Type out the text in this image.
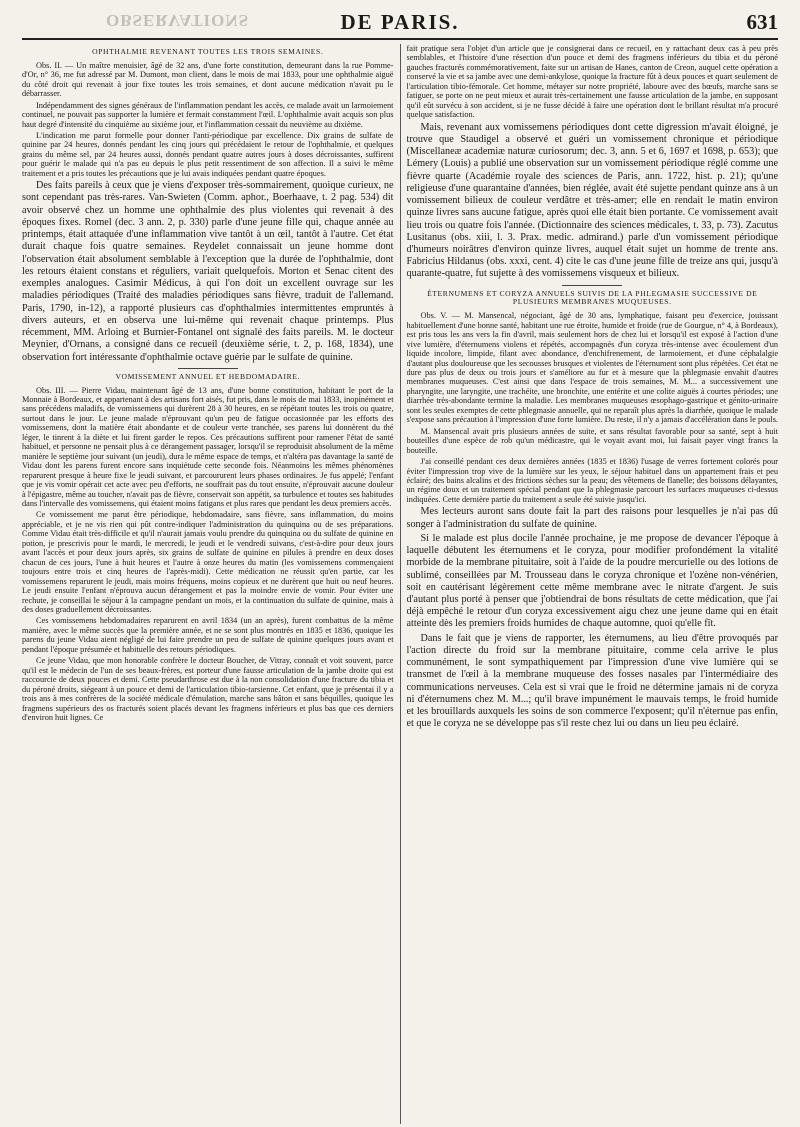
OBSERVATIONS	DE PARIS.	631
OPHTHALMIE REVENANT TOUTES LES TROIS SEMAINES.

Obs. II. — Un maître menuisier, âgé de 32 ans, d'une forte constitution, demeurant dans la rue Pomme-d'Or, n° 36, me fut adressé par M. Dumont, mon client, dans le mois de mai 1833, pour une ophthalmie aiguë du côté droit qui revenait à jour fixe toutes les trois semaines, et dont aucune médication n'avait pu le débarrasser.

Indépendamment des signes généraux de l'inflammation pendant les accès, ce malade avait un larmoiement continuel, ne pouvait pas supporter la lumière et fermait constamment l'œil. L'ophthalmie avait acquis son plus haut degré d'intensité du cinquième au sixième jour, et l'inflammation cessait du neuvième au dixième.

L'indication me parut formelle pour donner l'anti-périodique par excellence. Dix grains de sulfate de quinine par 24 heures, donnés pendant les cinq jours qui précédaient le retour de l'ophthalmie, et quelques grains du même sel, par 24 heures aussi, donnés pendant quatre autres jours à doses décroissantes, suffirent pour guérir le malade qui n'a pas eu depuis le plus petit ressentiment de son affection. Il a suivi le même traitement et a pris toutes les précautions que je lui avais indiquées pendant quatre époques.

Des faits pareils à ceux que je viens d'exposer très-sommairement, quoique curieux, ne sont cependant pas très-rares. Van-Swieten (Comm. aphor., Boerhaave, t. 2 pag. 534) dit avoir observé chez un homme une ophthalmie des plus violentes qui revenait à des époques fixes. Romel (dec. 3 ann. 2, p. 330) parle d'une jeune fille qui, chaque année au printemps, était attaquée d'une inflammation vive tantôt à un œil, tantôt à l'autre. Cet état durait chaque fois quatre semaines. Reydelet connaissait un jeune homme dont l'observation était absolument semblable à l'exception que la durée de l'ophthalmie, dont les retours étaient constans et réguliers, variait quelquefois. Morton et Senac citent des exemples analogues. Casimir Médicus, à qui l'on doit un excellent ouvrage sur les maladies périodiques (Traité des maladies périodiques sans fièvre, traduit de l'allemand. Paris, 1790, in-12), a rapporté plusieurs cas d'ophthalmies intermittentes empruntés à divers auteurs, et en observa une lui-même qui revenait chaque printemps. Plus récemment, MM. Arloing et Burnier-Fontanel ont signalé des faits pareils. M. le docteur Meynier, d'Ornans, a consigné dans ce recueil (deuxième série, t. 2, p. 168, 1834), une observation fort intéressante d'ophthalmie octave guérie par le sulfate de quinine.

VOMISSEMENT ANNUEL ET HEBDOMADAIRE.

Obs. III. — Pierre Vidau, maintenant âgé de 13 ans, d'une bonne constitution, habitant le port de la Monnaie à Bordeaux, et appartenant à des artisans fort aisés, fut pris, dans le mois de mai 1833, inopinément et sans précédens maladifs, de vomissemens qui durèrent 28 à 30 heures, en se répétant toutes les trois ou quatre, surtout dans le jour. Le jeune malade n'éprouvant qu'un peu de fatigue occasionnée par les efforts des vomissemens, dont la matière était abondante et de couleur verte tranchée, ses parens lui donnèrent du thé léger, le tinrent à la diète et lui firent garder le repos. Ces précautions suffirent pour ramener l'état de santé habituel, et personne ne pensait plus à ce dérangement passager, lorsqu'il se reproduisit absolument de la même manière le septième jour suivant (un jeudi), dura le même espace de temps, et n'altéra pas davantage la santé de Vidau dont les parens furent encore sans inquiétude cette seconde fois. Néanmoins les mêmes phénomènes reparurent presque à heure fixe le jeudi suivant, et parcoururent leurs phases ordinaires. Je fus appelé; l'enfant que je vis vomir opérait cet acte avec peu d'efforts, ne souffrait pas du tout ensuite, n'éprouvait aucune douleur à l'épigastre, même au toucher, n'avait pas de fièvre, conservait son appétit, sa turbulence et toutes ses habitudes dans l'intervalle des vomissemens, qui étaient moins fatigans et plus rares que pendant les deux premiers accès.

Ce vomissement me parut être périodique, hebdomadaire, sans fièvre, sans inflammation, du moins appréciable, et je ne vis rien qui pût contre-indiquer l'administration du quinquina ou de ses préparations. Comme Vidau était très-difficile et qu'il n'aurait jamais voulu prendre du quinquina ou du sulfate de quinine en potion, je prescrivis pour le mardi, le mercredi, le jeudi et le vendredi suivans, c'est-à-dire pour deux jours avant l'accès et pour deux jours après, six grains de sulfate de quinine en pilules à prendre en deux doses chacun de ces jours, l'une à huit heures et l'autre à onze heures du matin (les vomissemens commençaient toujours entre trois et cinq heures de l'après-midi). Cette médication ne réussit qu'en partie, car les vomissemens reparurent le jeudi, mais moins fréquens, moins copieux et ne durèrent que huit ou neuf heures. Le jeudi ensuite l'enfant n'éprouva aucun dérangement et pas la moindre envie de vomir. Pour éviter une rechute, je conseillai le séjour à la campagne pendant un mois, et la continuation du sulfate de quinine, mais à des doses graduellement décroissantes.

Ces vomissemens hebdomadaires reparurent en avril 1834 (un an après), furent combattus de la même manière, avec le même succès que la première année, et ne se sont plus montrés en 1835 et 1836, quoique les parens du jeune Vidau aient négligé de lui faire prendre un peu de sulfate de quinine quelques jours avant et pendant l'époque présumée et habituelle des retours périodiques.

Ce jeune Vidau, que mon honorable confrère le docteur Boucher, de Vitray, connaît et voit souvent, parce qu'il est le médecin de l'un de ses beaux-frères, est porteur d'une fausse articulation de la jambe droite qui est raccourcie de deux pouces et demi. Cette pseudarthrose est due à la non consolidation d'une fracture du tibia et du péroné droits, siégeant à un pouce et demi de l'articulation tibio-tarsienne. Cet enfant, que je présentai il y a trois ans à mes confrères de la société médicale d'émulation, marche sans bâton et sans béquilles, quoique les fragmens supérieurs des os fracturés soient placés devant les fragmens inférieurs et plus bas que ces derniers d'environ huit lignes. Ce

fait pratique sera l'objet d'un article que je consignerai dans ce recueil, en y rattachant deux cas à peu près semblables, et l'histoire d'une résection d'un pouce et demi des fragmens inférieurs du tibia et du péroné gauches fracturés commémorativement, faite sur un artisan de Hanes, canton de Creon, auquel cette opération a conservé la vie et sa jambe avec une demi-ankylose, quoique la fracture fût à deux pouces et quart seulement de l'articulation tibio-fémorale. Cet homme, métayer sur notre propriété, laboure avec des bœufs, marche sans se fatiguer, se porte on ne peut mieux et aurait très-certainement une fausse articulation de la jambe, en supposant qu'il eût survécu à son accident, si je ne fusse décidé à faire une opération dont le brillant résultat m'a procuré quelque satisfaction.

Mais, revenant aux vomissemens périodiques dont cette digression m'avait éloigné, je trouve que Staudigel a observé et guéri un vomissement chronique et périodique (Miscellaneæ academiæ naturæ curiosorum; dec. 3, ann. 5 et 6, 1697 et 1698, p. 653); que Lémery (Louis) a publié une observation sur un vomissement périodique réglé comme une fièvre quarte (Académie royale des sciences de Paris, ann. 1722, hist. p. 21); qu'une religieuse d'une quarantaine d'années, bien réglée, avait été sujette pendant quinze ans à un vomissement bilieux de couleur verdâtre et très-amer; elle en rendait le matin environ quinze livres sans aucune fatigue, après quoi elle était bien portante. Ce vomissement avait lieu trois ou quatre fois l'année. (Dictionnaire des sciences médicales, t. 33, p. 73). Zacutus Lusitanus (obs. xiii, l. 3. Prax. medic. admirand.) parle d'un vomissement périodique d'humeurs noirâtres d'environ quinze livres, auquel était sujet un homme de trente ans. Fabricius Hildanus (obs. xxxi, cent. 4) cite le cas d'une jeune fille de treize ans qui, jusqu'à quarante-quatre, fut sujette à des vomissemens visqueux et bilieux.

ÉTERNUMENS ET CORYZA ANNUELS SUIVIS DE LA PHLEGMASIE SUCCESSIVE DE PLUSIEURS MEMBRANES MUQUEUSES.

Obs. V. — M. Mansencal, négociant, âgé de 30 ans, lymphatique, faisant peu d'exercice, jouissant habituellement d'une bonne santé, habitant une rue étroite, humide et froide (rue de Gourgue, n° 4, à Bordeaux), est pris tous les ans vers la fin d'avril, mais seulement hors de chez lui et lorsqu'il est exposé à l'action d'une vive lumière, d'éternumens violens et répétés, accompagnés d'un coryza très-intense avec écoulement d'un liquide incolore, limpide, filant avec abondance, d'enchifrenement, de larmoiement, et d'une céphalalgie d'autant plus douloureuse que les secousses brusques et violentes de l'éternument sont plus répétées. Cet état ne dure pas plus de deux ou trois jours et s'améliore au fur et à mesure que la phlegmasie envahit d'autres membranes muqueuses. C'est ainsi que dans l'espace de trois semaines, M. M... a successivement une pharyngite, une laryngite, une trachéite, une bronchite, une entérite et une colite aiguës à courtes périodes; une diarrhée très-abondante termine la maladie. Les membranes muqueuses œsophago-gastrique et génito-urinaire sont les seules exemptes de cette phlegmasie annuelle, qui ne reparaît plus après la diarrhée, quoique le malade s'expose sans précaution à l'impression d'une forte lumière. Du reste, il n'y a jamais d'accélération dans le pouls.

M. Mansencal avait pris plusieurs années de suite, et sans résultat favorable pour sa santé, sept à huit bouteilles d'une espèce de rob qu'un médicastre, qui le voyait avant moi, lui faisait payer vingt francs la bouteille.

J'ai conseillé pendant ces deux dernières années (1835 et 1836) l'usage de verres fortement colorés pour éviter l'impression trop vive de la lumière sur les yeux, le séjour habituel dans un appartement frais et peu éclairé; des bains alcalins et des frictions sèches sur la peau; des vêtemens de flanelle; des boissons délayantes, un régime doux et un traitement spécial pendant que la phlegmasie parcourt les surfaces muqueuses ci-dessus indiquées. Cette dernière partie du traitement a seule été suivie jusqu'ici.

Mes lecteurs auront sans doute fait la part des raisons pour lesquelles je n'ai pas dû songer à l'administration du sulfate de quinine.

Si le malade est plus docile l'année prochaine, je me propose de devancer l'époque à laquelle débutent les éternumens et le coryza, pour modifier profondément la vitalité morbide de la membrane pituitaire, soit à l'aide de la poudre mercurielle ou des lotions de sublimé, conseillées par M. Trousseau dans le coryza chronique et l'ozène non-vénérien, soit en cautérisant légèrement cette même membrane avec le nitrate d'argent. Je suis d'autant plus porté à penser que j'obtiendrai de bons résultats de cette médication, que j'ai déjà empêché le retour d'un coryza excessivement aigu chez une jeune dame qui en était atteinte dès les premiers froids humides de chaque automne, quoi qu'elle fît.

Dans le fait que je viens de rapporter, les éternumens, au lieu d'être provoqués par l'action directe du froid sur la membrane pituitaire, comme cela arrive le plus communément, le sont sympathiquement par l'impression d'une vive lumière qui se transmet de l'œil à la membrane muqueuse des fosses nasales par l'intermédiaire des communications nerveuses. Cela est si vrai que le froid ne détermine jamais ni de coryza ni d'éternumens chez M. M...; qu'il brave impunément le mauvais temps, le froid humide et les brouillards auxquels les soins de son commerce l'exposent; qu'il n'éternue pas enfin, et que le coryza ne se développe pas s'il reste chez lui ou dans un lieu peu éclairé.
